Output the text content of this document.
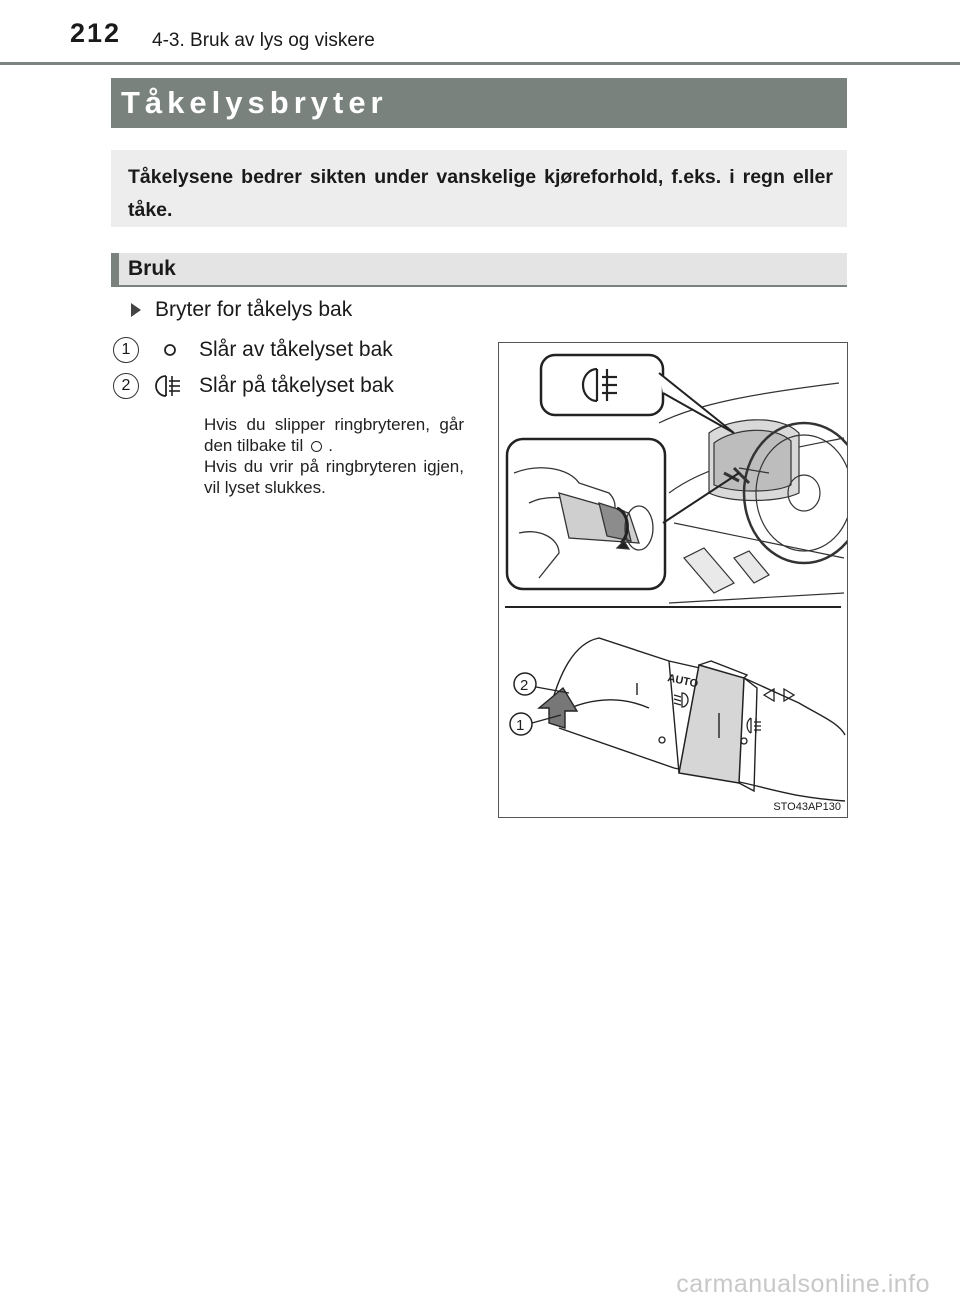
212 4-3. Bruk av lys og viskere
Tåkelysbryter
Tåkelysene bedrer sikten under vanskelige kjøreforhold, f.eks. i regn eller tåke.
Bruk
Bryter for tåkelys bak
1	Slår av tåkelyset bak
2	Slår på tåkelyset bak
Hvis du slipper ringbryteren, går den tilbake til .
Hvis du vrir på ringbryteren igjen, vil lyset slukkes.
AUTO
2
1
STO43AP130
carmanualsonline.info
